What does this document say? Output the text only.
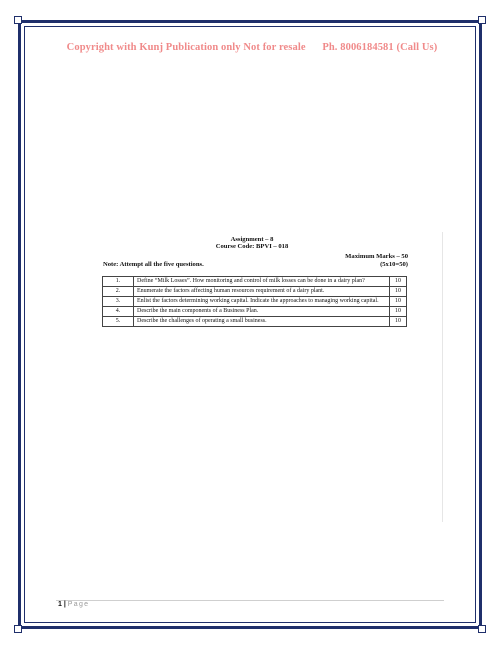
Copyright with Kunj Publication only Not for resale Ph. 8006184581 (Call Us)
Assignment – 8
Course Code: BPVI – 018
Maximum Marks – 50
Note: Attempt all the five questions.	(5x10=50)
1.	Define “Milk Losses”. How monitoring and control of milk losses can be done in a dairy plan?	10
2.	Enumerate the factors affecting human resources requirement of a dairy plant.	10
3.	Enlist the factors determining working capital. Indicate the approaches to managing working capital.	10
4.	Describe the main components of a Business Plan.	10
5.	Describe the challenges of operating a small business.	10
1 | Page
